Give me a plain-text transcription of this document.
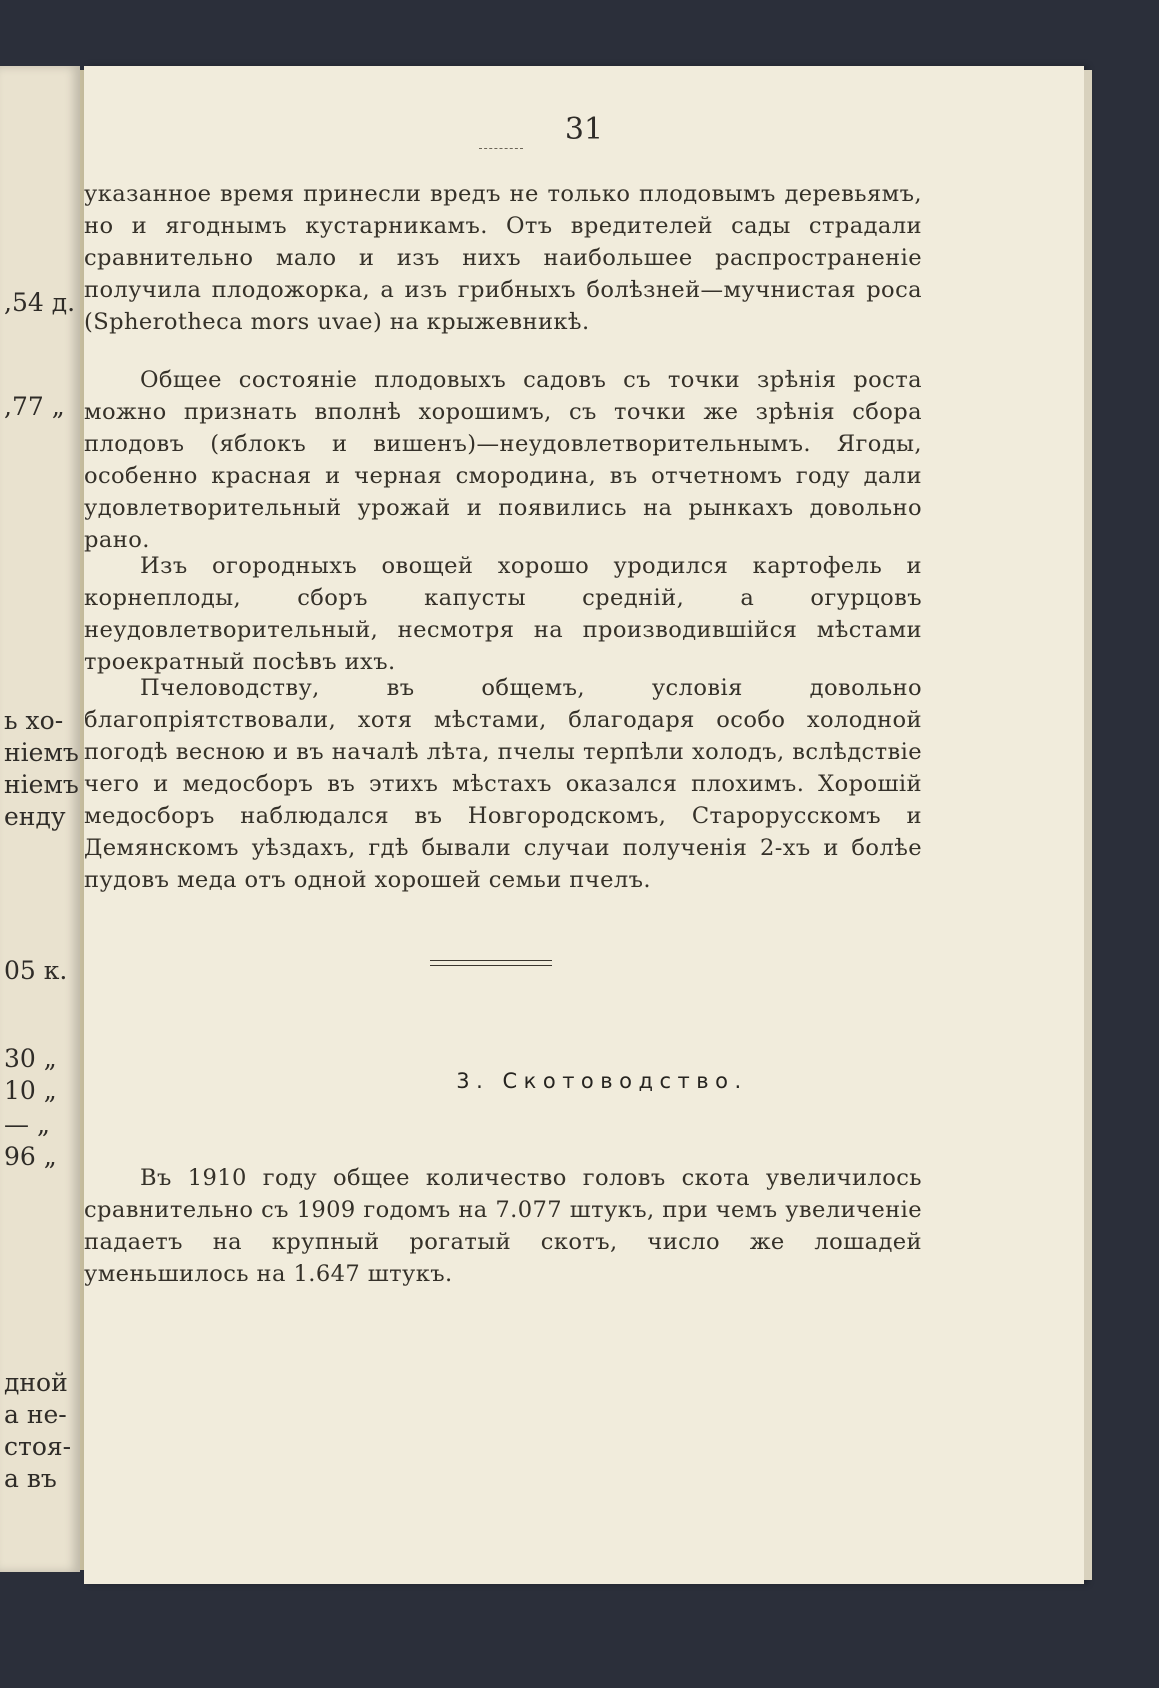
,54 д.
,77 „
ь хо-
нiемъ
нiемъ
енду
05 к.
30 „
10 „
— „
96 „
дной
а не-
стоя-
а въ
31

указанное время принесли вредъ не только плодовымъ деревьямъ, но и ягоднымъ кустарникамъ. Отъ вредителей сады страдали сравнительно мало и изъ нихъ наибольшее распространенiе получила плодожорка, а изъ грибныхъ болѣзней—мучнистая роса (Spherotheca mors uvae) на крыжевникѣ.

Общее состоянiе плодовыхъ садовъ съ точки зрѣнiя роста можно признать вполнѣ хорошимъ, съ точки же зрѣнiя сбора плодовъ (яблокъ и вишенъ)—неудовлетворительнымъ. Ягоды, особенно красная и черная смородина, въ отчетномъ году дали удовлетворительный урожай и появились на рынкахъ довольно рано.

Изъ огородныхъ овощей хорошо уродился картофель и корнеплоды, сборъ капусты среднiй, а огурцовъ неудовлетворительный, несмотря на производившiйся мѣстами троекратный посѣвъ ихъ.

Пчеловодству, въ общемъ, условiя довольно благопрiятствовали, хотя мѣстами, благодаря особо холодной погодѣ весною и въ началѣ лѣта, пчелы терпѣли холодъ, вслѣдствiе чего и медосборъ въ этихъ мѣстахъ оказался плохимъ. Хорошiй медосборъ наблюдался въ Новгородскомъ, Старорусскомъ и Демянскомъ уѣздахъ, гдѣ бывали случаи полученiя 2-хъ и болѣе пудовъ меда отъ одной хорошей семьи пчелъ.

3. Скотоводство.

Въ 1910 году общее количество головъ скота увеличилось сравнительно съ 1909 годомъ на 7.077 штукъ, при чемъ увеличенiе падаетъ на крупный рогатый скотъ, число же лошадей уменьшилось на 1.647 штукъ.
